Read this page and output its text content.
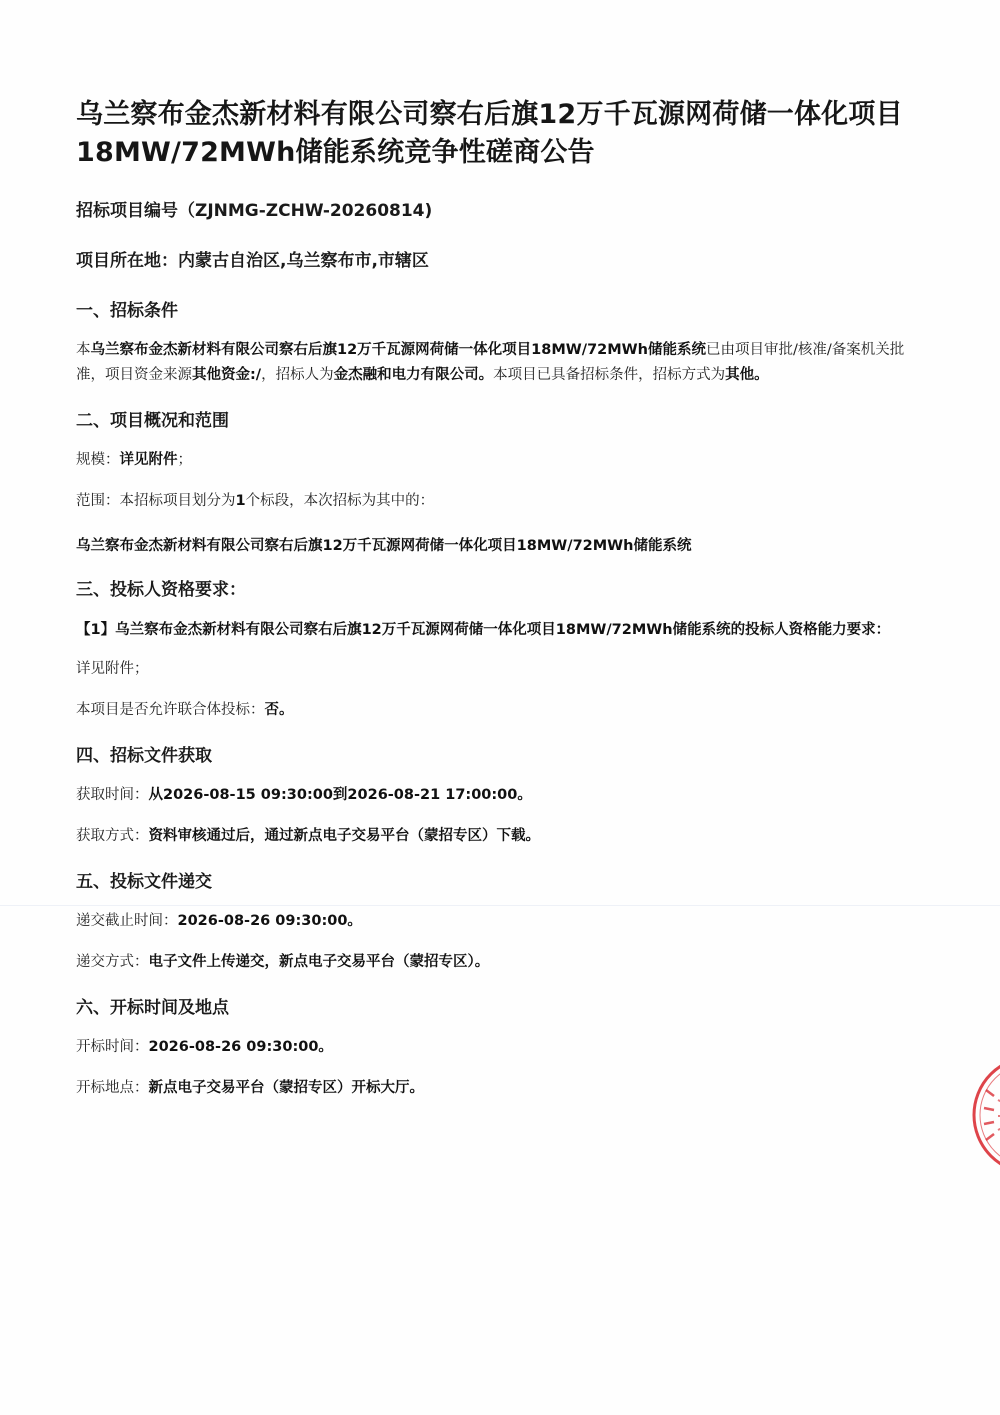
乌兰察布金杰新材料有限公司察右后旗12万千瓦源网荷储一体化项目18MW/72MWh储能系统竞争性磋商公告

招标项目编号（ZJNMG-ZCHW-20260814)

项目所在地：内蒙古自治区,乌兰察布市,市辖区

一、招标条件

本乌兰察布金杰新材料有限公司察右后旗12万千瓦源网荷储一体化项目18MW/72MWh储能系统已由项目审批/核准/备案机关批准，项目资金来源其他资金:/，招标人为金杰融和电力有限公司。本项目已具备招标条件，招标方式为其他。

二、项目概况和范围

规模：详见附件；

范围：本招标项目划分为1个标段，本次招标为其中的：

乌兰察布金杰新材料有限公司察右后旗12万千瓦源网荷储一体化项目18MW/72MWh储能系统

三、投标人资格要求：

【1】乌兰察布金杰新材料有限公司察右后旗12万千瓦源网荷储一体化项目18MW/72MWh储能系统的投标人资格能力要求：

详见附件；

本项目是否允许联合体投标：否。

四、招标文件获取

获取时间：从2026-08-15 09:30:00到2026-08-21 17:00:00。

获取方式：资料审核通过后，通过新点电子交易平台（蒙招专区）下载。

五、投标文件递交

递交截止时间：2026-08-26 09:30:00。

递交方式：电子文件上传递交，新点电子交易平台（蒙招专区）。

六、开标时间及地点

开标时间：2026-08-26 09:30:00。

开标地点：新点电子交易平台（蒙招专区）开标大厅。
